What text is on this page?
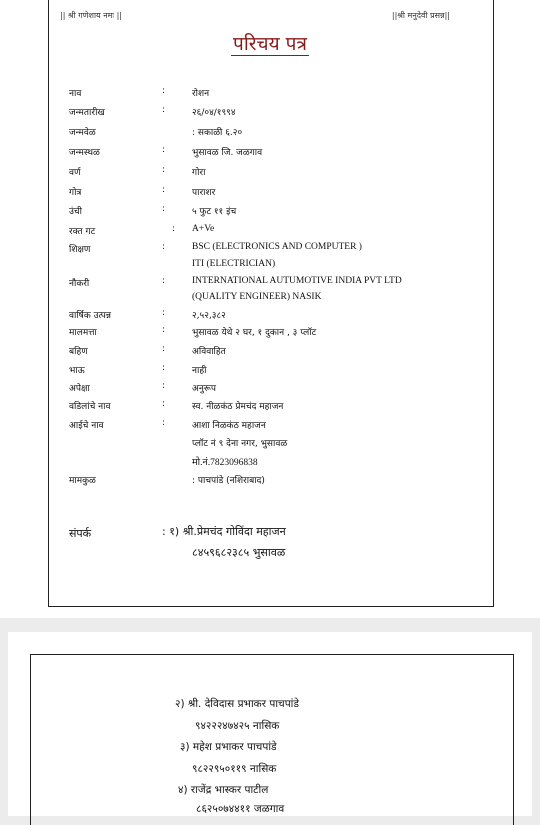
|| श्री गणेशाय नमः ||	||श्री मनुदेवी प्रसन्न||
परिचय पत्र
नाव	:	रोशन
जन्मतारीख	:	२६/०४/१९९४
जन्मवेळ	: सकाळी ६.२०
जन्मस्थळ	:	भुसावळ जि. जळगाव
वर्ण	:	गोरा
गोत्र	:	पाराशर
उंची	:	५ फुट ११ इंच
रक्त गट	: A+Ve
शिक्षण	:	BSC (ELECTRONICS AND COMPUTER )
ITI (ELECTRICIAN)
नौकरी	:	INTERNATIONAL AUTUMOTIVE INDIA PVT LTD
(QUALITY ENGINEER) NASIK
वार्षिक उत्पन्न	:	२,५२,३८२
मालमत्ता	:	भुसावळ येथे २ घर, १ दुकान , ३ प्लॉट
बहिण	:	अविवाहित
भाऊ	:	नाही
अपेक्षा	:	अनुरूप
वडिलांचे नाव	:	स्व. नीळकंठ प्रेमचंद महाजन
आईचे नाव	:	आशा निळकंठ महाजन
प्लॉट नं ९ देना नगर, भुसावळ
मो.नं.7823096838
मामकुळ	: पाचपांडे (नशिराबाद)
संपर्क	: १) श्री.प्रेमचंद गोविंदा महाजन
८४५९६८२३८५ भुसावळ
२) श्री. देविदास प्रभाकर पाचपांडे
९४२२२४७४२५ नासिक
३) महेश प्रभाकर पाचपांडे
९८२२९५०११९ नासिक
४) राजेंद्र भास्कर पाटील
८६२५०७४४११ जळगाव
